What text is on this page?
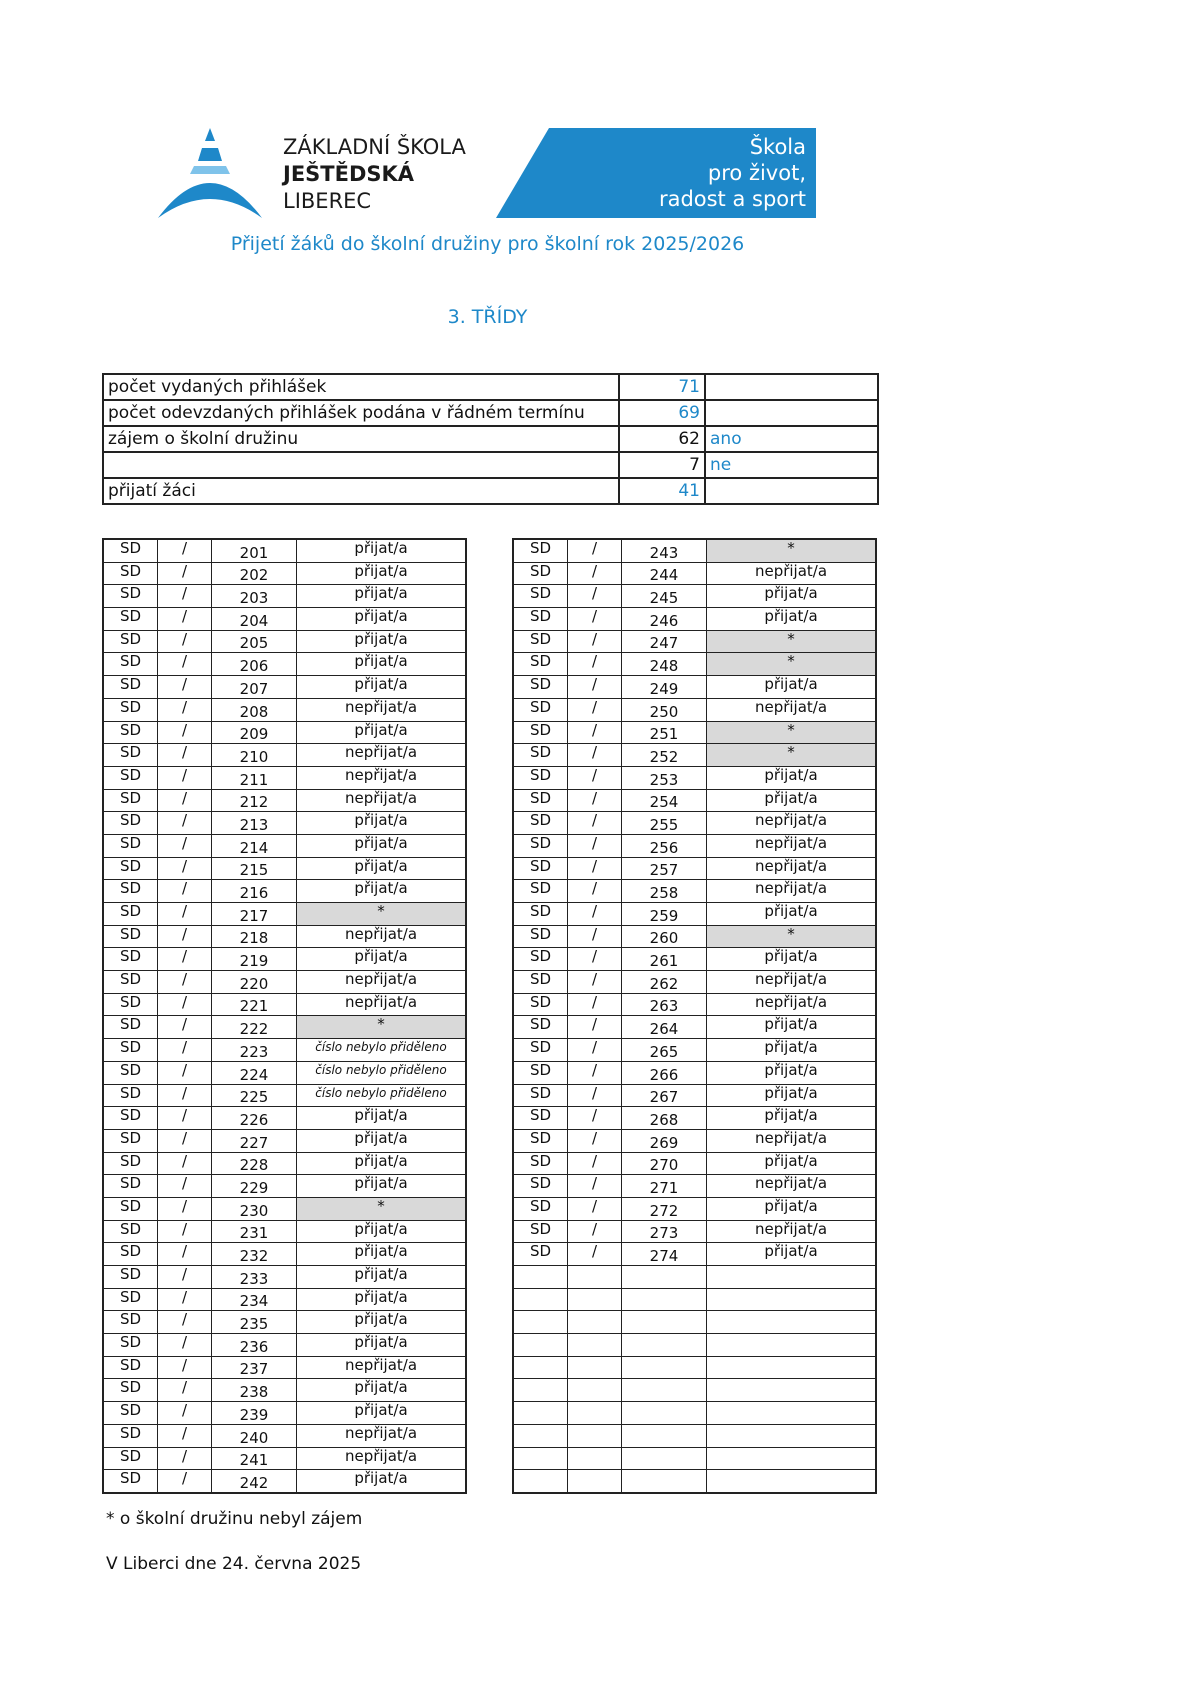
ZÁKLADNÍ ŠKOLA
JEŠTĚDSKÁ
LIBEREC
Škola
pro život,
radost a sport
Přijetí žáků do školní družiny pro školní rok 2025/2026
3. TŘÍDY
počet vydaných přihlášek	71	
počet odevzdaných přihlášek podána v řádném termínu	69	
zájem o školní družinu	62	ano
	7	ne
přijatí žáci	41	
SD	/	201	přijat/a
SD	/	202	přijat/a
SD	/	203	přijat/a
SD	/	204	přijat/a
SD	/	205	přijat/a
SD	/	206	přijat/a
SD	/	207	přijat/a
SD	/	208	nepřijat/a
SD	/	209	přijat/a
SD	/	210	nepřijat/a
SD	/	211	nepřijat/a
SD	/	212	nepřijat/a
SD	/	213	přijat/a
SD	/	214	přijat/a
SD	/	215	přijat/a
SD	/	216	přijat/a
SD	/	217	*
SD	/	218	nepřijat/a
SD	/	219	přijat/a
SD	/	220	nepřijat/a
SD	/	221	nepřijat/a
SD	/	222	*
SD	/	223	číslo nebylo přiděleno
SD	/	224	číslo nebylo přiděleno
SD	/	225	číslo nebylo přiděleno
SD	/	226	přijat/a
SD	/	227	přijat/a
SD	/	228	přijat/a
SD	/	229	přijat/a
SD	/	230	*
SD	/	231	přijat/a
SD	/	232	přijat/a
SD	/	233	přijat/a
SD	/	234	přijat/a
SD	/	235	přijat/a
SD	/	236	přijat/a
SD	/	237	nepřijat/a
SD	/	238	přijat/a
SD	/	239	přijat/a
SD	/	240	nepřijat/a
SD	/	241	nepřijat/a
SD	/	242	přijat/a
SD	/	243	*
SD	/	244	nepřijat/a
SD	/	245	přijat/a
SD	/	246	přijat/a
SD	/	247	*
SD	/	248	*
SD	/	249	přijat/a
SD	/	250	nepřijat/a
SD	/	251	*
SD	/	252	*
SD	/	253	přijat/a
SD	/	254	přijat/a
SD	/	255	nepřijat/a
SD	/	256	nepřijat/a
SD	/	257	nepřijat/a
SD	/	258	nepřijat/a
SD	/	259	přijat/a
SD	/	260	*
SD	/	261	přijat/a
SD	/	262	nepřijat/a
SD	/	263	nepřijat/a
SD	/	264	přijat/a
SD	/	265	přijat/a
SD	/	266	přijat/a
SD	/	267	přijat/a
SD	/	268	přijat/a
SD	/	269	nepřijat/a
SD	/	270	přijat/a
SD	/	271	nepřijat/a
SD	/	272	přijat/a
SD	/	273	nepřijat/a
SD	/	274	přijat/a

* o školní družinu nebyl zájem
V Liberci dne 24. června 2025
